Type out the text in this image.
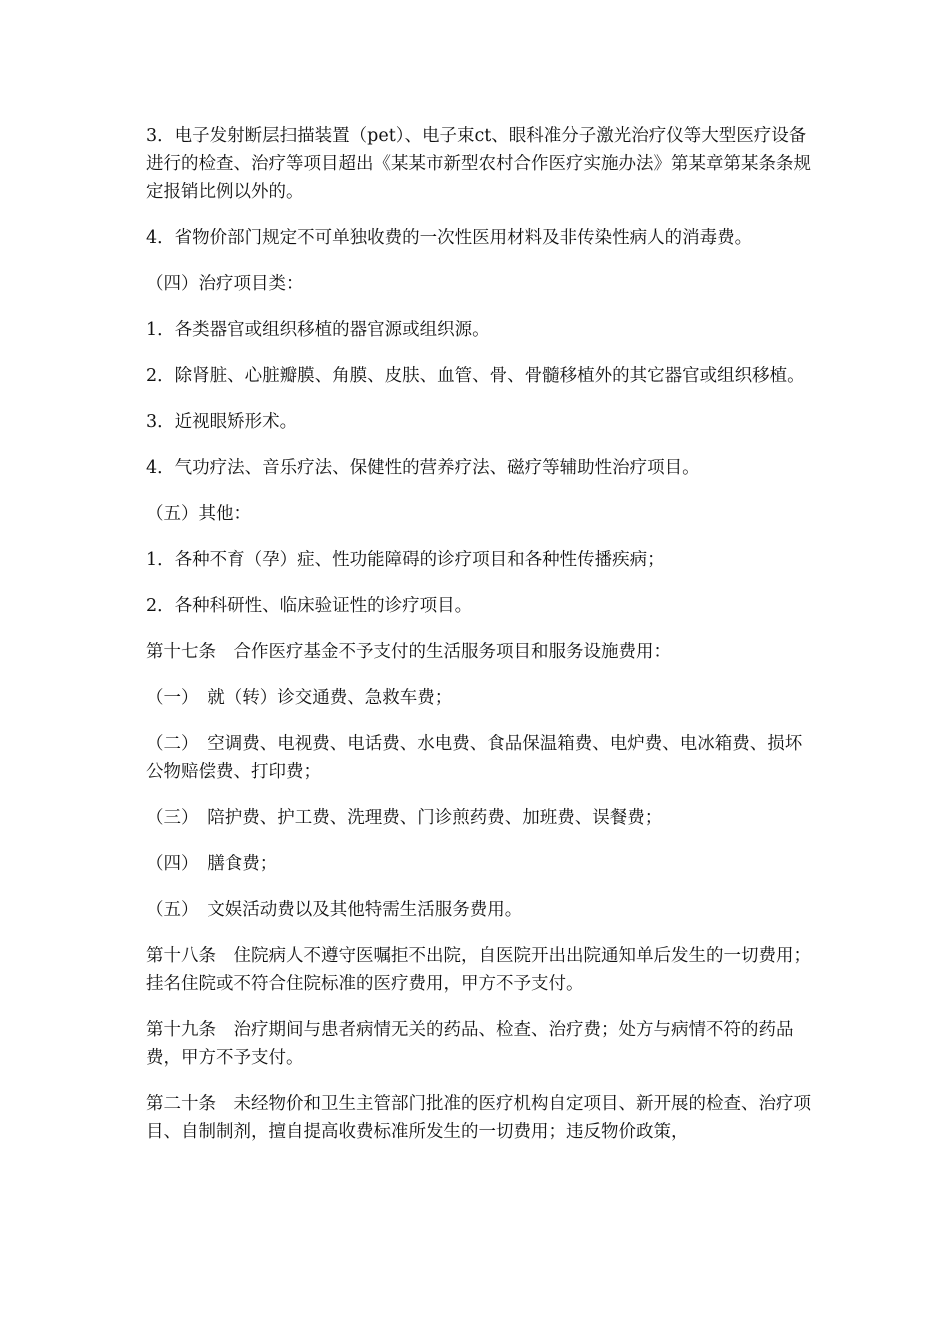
3．电子发射断层扫描装置（pet）、电子束ct、眼科准分子激光治疗仪等大型医疗设备进行的检查、治疗等项目超出《某某市新型农村合作医疗实施办法》第某章第某条条规定报销比例以外的。

4．省物价部门规定不可单独收费的一次性医用材料及非传染性病人的消毒费。

（四）治疗项目类：

1．各类器官或组织移植的器官源或组织源。

2．除肾脏、心脏瓣膜、角膜、皮肤、血管、骨、骨髓移植外的其它器官或组织移植。

3．近视眼矫形术。

4．气功疗法、音乐疗法、保健性的营养疗法、磁疗等辅助性治疗项目。

（五）其他：

1．各种不育（孕）症、性功能障碍的诊疗项目和各种性传播疾病；

2．各种科研性、临床验证性的诊疗项目。

第十七条　合作医疗基金不予支付的生活服务项目和服务设施费用：

（一）　就（转）诊交通费、急救车费；

（二）　空调费、电视费、电话费、水电费、食品保温箱费、电炉费、电冰箱费、损坏公物赔偿费、打印费；

（三）　陪护费、护工费、洗理费、门诊煎药费、加班费、误餐费；

（四）　膳食费；

（五）　文娱活动费以及其他特需生活服务费用。

第十八条　住院病人不遵守医嘱拒不出院，自医院开出出院通知单后发生的一切费用；挂名住院或不符合住院标准的医疗费用，甲方不予支付。

第十九条　治疗期间与患者病情无关的药品、检查、治疗费；处方与病情不符的药品费，甲方不予支付。

第二十条　未经物价和卫生主管部门批准的医疗机构自定项目、新开展的检查、治疗项目、自制制剂，擅自提高收费标准所发生的一切费用；违反物价政策，
